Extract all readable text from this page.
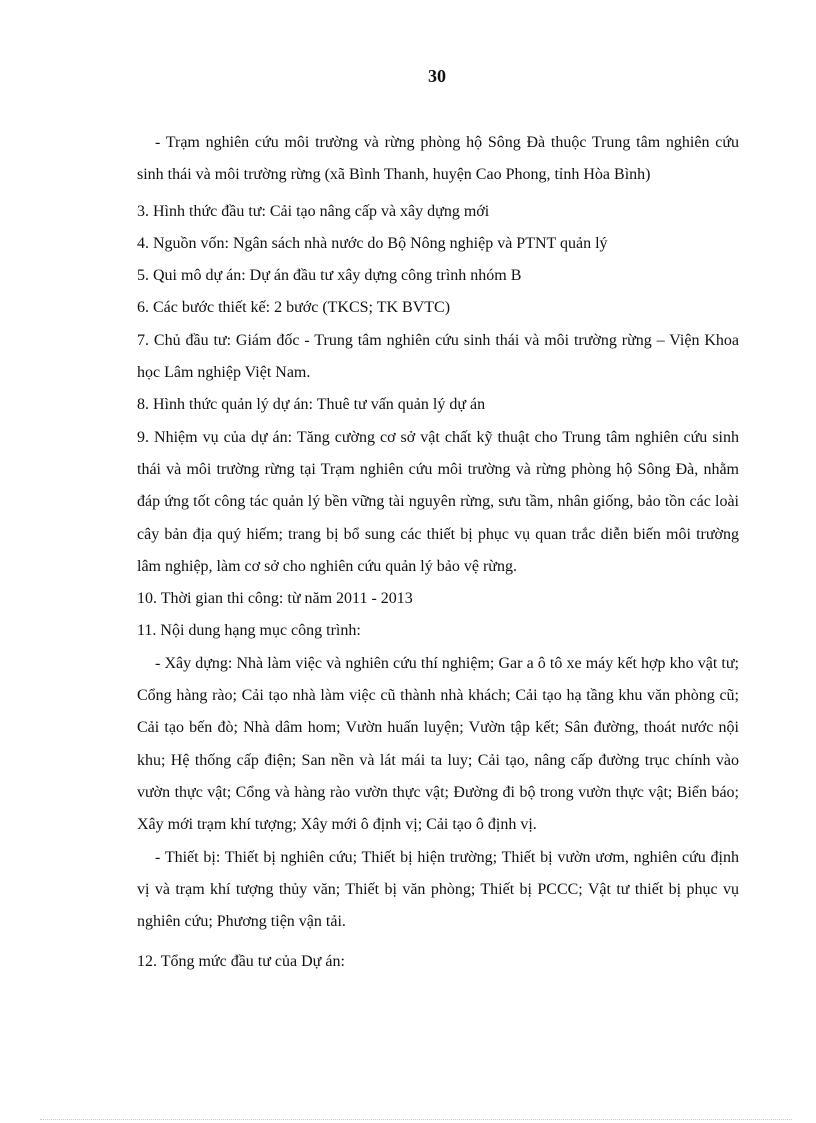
30

- Trạm nghiên cứu môi trường và rừng phòng hộ Sông Đà thuộc Trung tâm nghiên cứu sinh thái và môi trường rừng (xã Bình Thanh, huyện Cao Phong, tỉnh Hòa Bình)

3. Hình thức đầu tư: Cải tạo nâng cấp và xây dựng mới

4. Nguồn vốn: Ngân sách nhà nước do Bộ Nông nghiệp và PTNT quản lý

5. Qui mô dự án: Dự án đầu tư xây dựng công trình nhóm B

6. Các bước thiết kế: 2 bước (TKCS; TK BVTC)

7. Chủ đầu tư: Giám đốc - Trung tâm nghiên cứu sinh thái và môi trường rừng – Viện Khoa học Lâm nghiệp Việt Nam.

8. Hình thức quản lý dự án: Thuê tư vấn quản lý dự án

9. Nhiệm vụ của dự án: Tăng cường cơ sở vật chất kỹ thuật cho Trung tâm nghiên cứu sinh thái và môi trường rừng tại Trạm nghiên cứu môi trường và rừng phòng hộ Sông Đà, nhằm đáp ứng tốt công tác quản lý bền vững tài nguyên rừng, sưu tầm, nhân giống, bảo tồn các loài cây bản địa quý hiếm; trang bị bổ sung các thiết bị phục vụ quan trắc diễn biến môi trường lâm nghiệp, làm cơ sở cho nghiên cứu quản lý bảo vệ rừng.

10. Thời gian thi công: từ năm 2011 - 2013

11. Nội dung hạng mục công trình:

- Xây dựng: Nhà làm việc và nghiên cứu thí nghiệm; Gar a ô tô xe máy kết hợp kho vật tư; Cổng hàng rào; Cải tạo nhà làm việc cũ thành nhà khách; Cải tạo hạ tầng khu văn phòng cũ; Cải tạo bến đò; Nhà dâm hom; Vườn huấn luyện; Vườn tập kết; Sân đường, thoát nước nội khu; Hệ thống cấp điện; San nền và lát mái ta luy; Cải tạo, nâng cấp đường trục chính vào vườn thực vật; Cổng và hàng rào vườn thực vật; Đường đi bộ trong vườn thực vật; Biển báo; Xây mới trạm khí tượng; Xây mới ô định vị; Cải tạo ô định vị.

- Thiết bị: Thiết bị nghiên cứu; Thiết bị hiện trường; Thiết bị vườn ươm, nghiên cứu định vị và trạm khí tượng thủy văn; Thiết bị văn phòng; Thiết bị PCCC; Vật tư thiết bị phục vụ nghiên cứu; Phương tiện vận tải.

12. Tổng mức đầu tư của Dự án:
